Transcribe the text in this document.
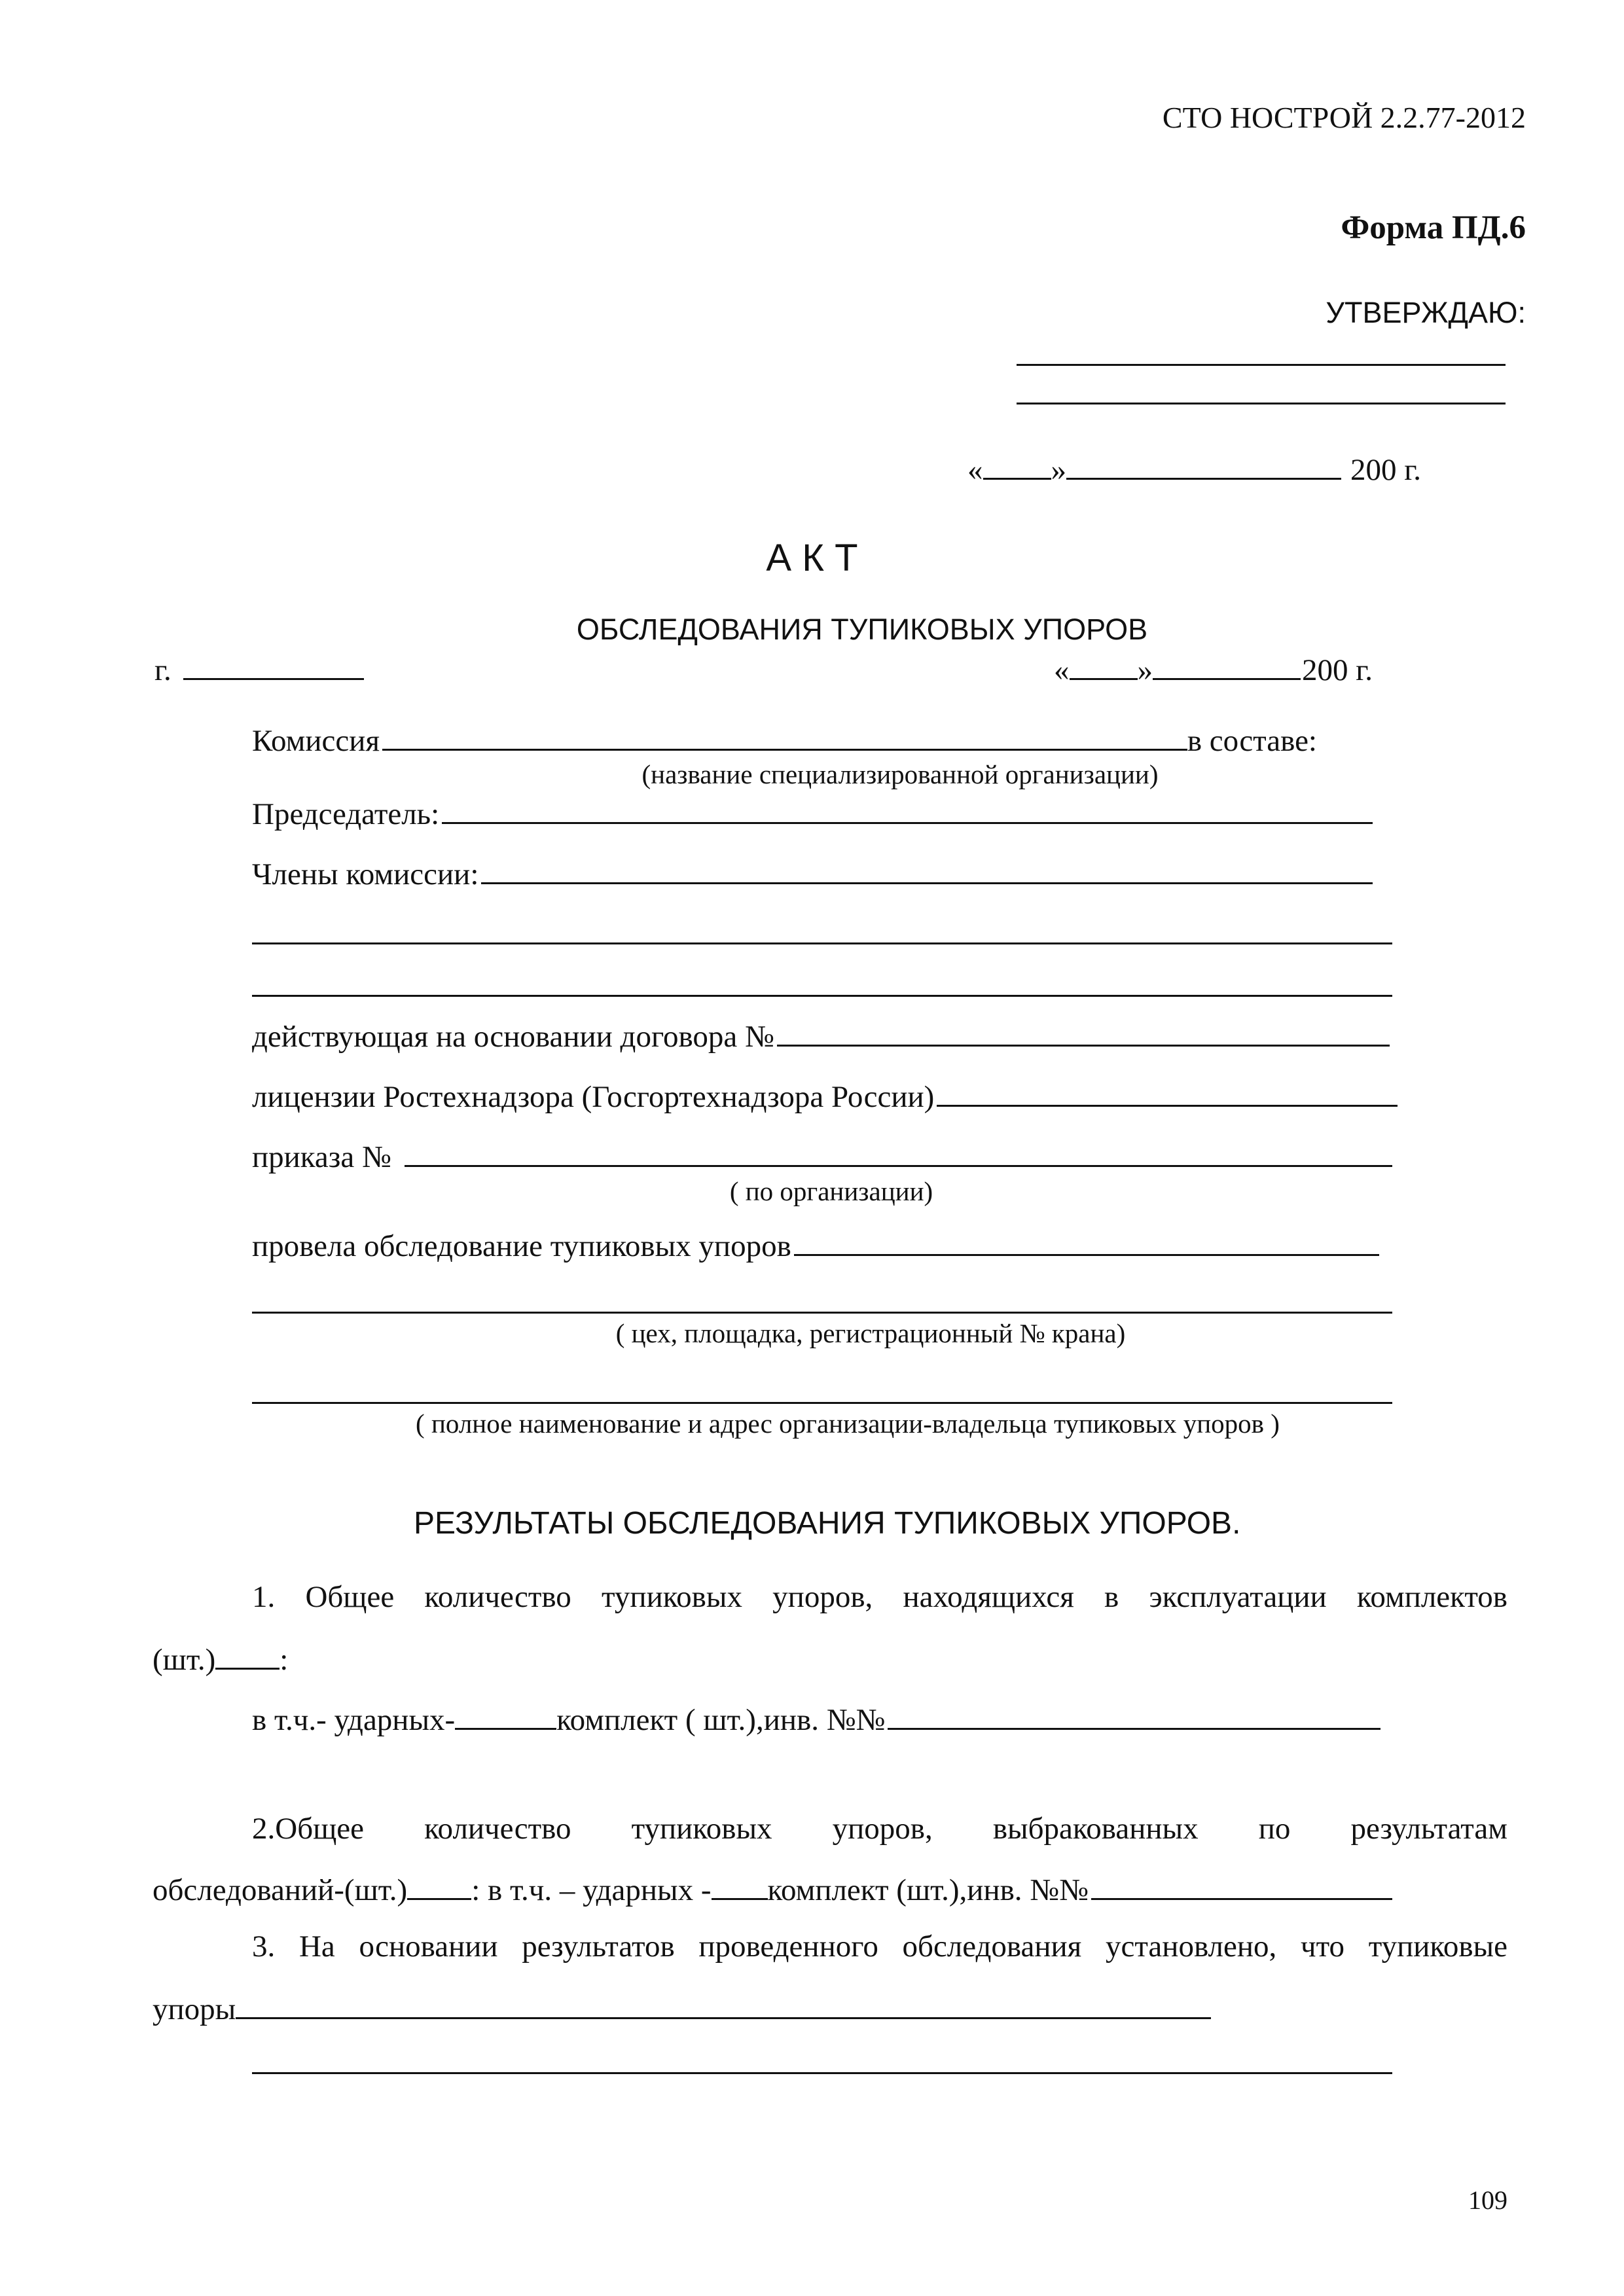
СТО НОСТРОЙ 2.2.77-2012
Форма ПД.6
УТВЕРЖДАЮ:
« »	200 г.
А К Т
ОБСЛЕДОВАНИЯ ТУПИКОВЫХ УПОРОВ
г.	« »	200 г.
Комиссия	в составе:
(название специализированной организации)
Председатель:
Члены комиссии:
действующая на основании договора №
лицензии Ростехнадзора (Госгортехнадзора России)
приказа №
( по организации)
провела обследование тупиковых упоров
( цех, площадка, регистрационный № крана)
( полное наименование и адрес организации-владельца тупиковых упоров )
РЕЗУЛЬТАТЫ ОБСЛЕДОВАНИЯ ТУПИКОВЫХ УПОРОВ.
1. Общее количество тупиковых упоров, находящихся в эксплуатации комплектов
(шт.) :
в т.ч.- ударных-	комплект ( шт.),инв. №№
2.Общее количество тупиковых упоров, выбракованных по результатам
обследований-(шт.) : в т.ч. – ударных - комплект (шт.),инв. №№
3. На основании результатов проведенного обследования установлено, что тупиковые
упоры
109
